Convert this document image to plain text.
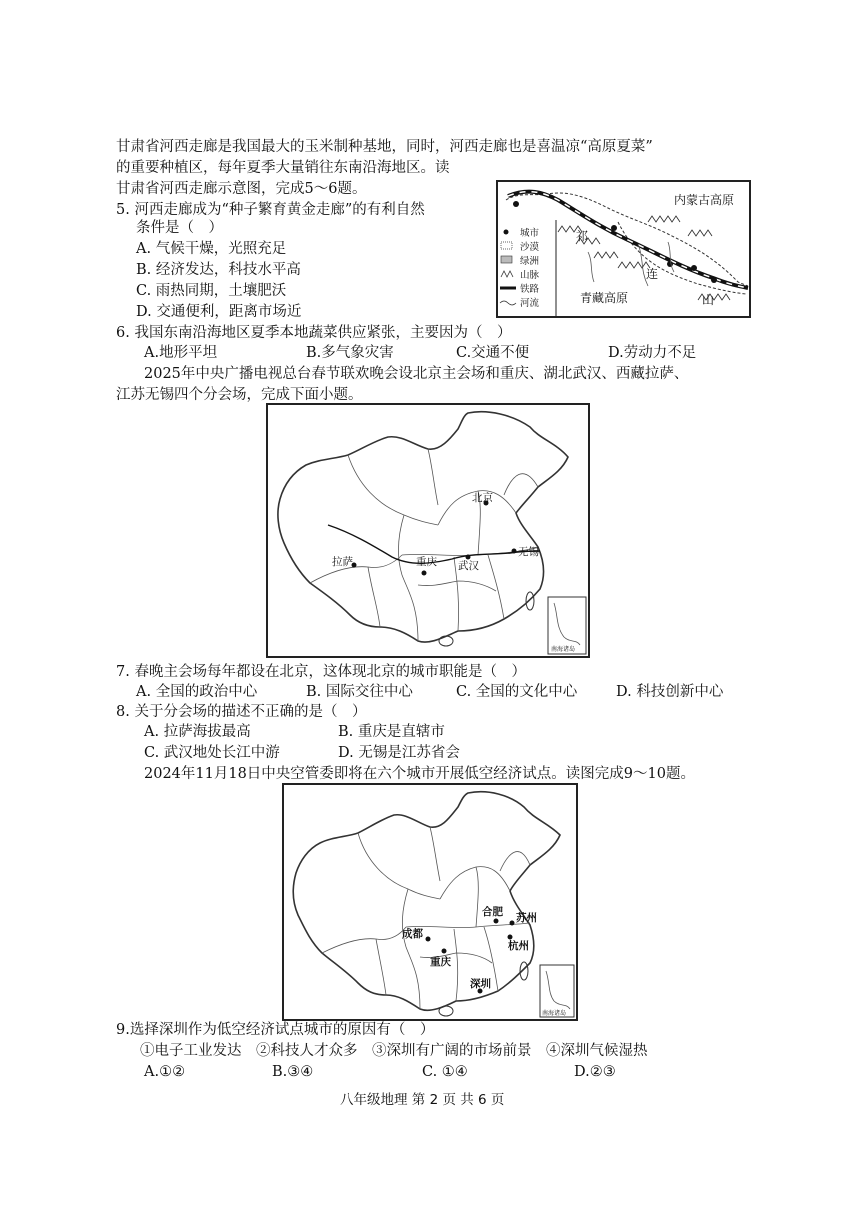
甘肃省河西走廊是我国最大的玉米制种基地，同时，河西走廊也是喜温凉“高原夏菜”
的重要种植区，每年夏季大量销往东南沿海地区。读
甘肃省河西走廊示意图，完成5～6题。
5. 河西走廊成为“种子繁育黄金走廊”的有利自然
条件是（　）
A. 气候干燥，光照充足
B. 经济发达，科技水平高
C. 雨热同期，土壤肥沃
D. 交通便利，距离市场近
内蒙古高原
青藏高原
祁
连
山
城市
沙漠
绿洲
山脉
铁路
河流
6. 我国东南沿海地区夏季本地蔬菜供应紧张，主要因为（　）
A.地形平坦	B.多气象灾害	C.交通不便	D.劳动力不足
2025年中央广播电视总台春节联欢晚会设北京主会场和重庆、湖北武汉、西藏拉萨、
江苏无锡四个分会场，完成下面小题。
南海诸岛
北京
拉萨	重庆 武汉
无锡
7. 春晚主会场每年都设在北京，这体现北京的城市职能是（　）
A. 全国的政治中心	B. 国际交往中心	C. 全国的文化中心	D. 科技创新中心
8. 关于分会场的描述不正确的是（　）
A. 拉萨海拔最高	B. 重庆是直辖市
C. 武汉地处长江中游	D. 无锡是江苏省会
2024年11月18日中央空管委即将在六个城市开展低空经济试点。读图完成9～10题。
南海诸岛
合肥 苏州
成都
杭州
重庆
深圳
9.选择深圳作为低空经济试点城市的原因有（　）
①电子工业发达　②科技人才众多　③深圳有广阔的市场前景　④深圳气候湿热
A.①②	B.③④	C. ①④	D.②③
八年级地理 第 2 页 共 6 页
